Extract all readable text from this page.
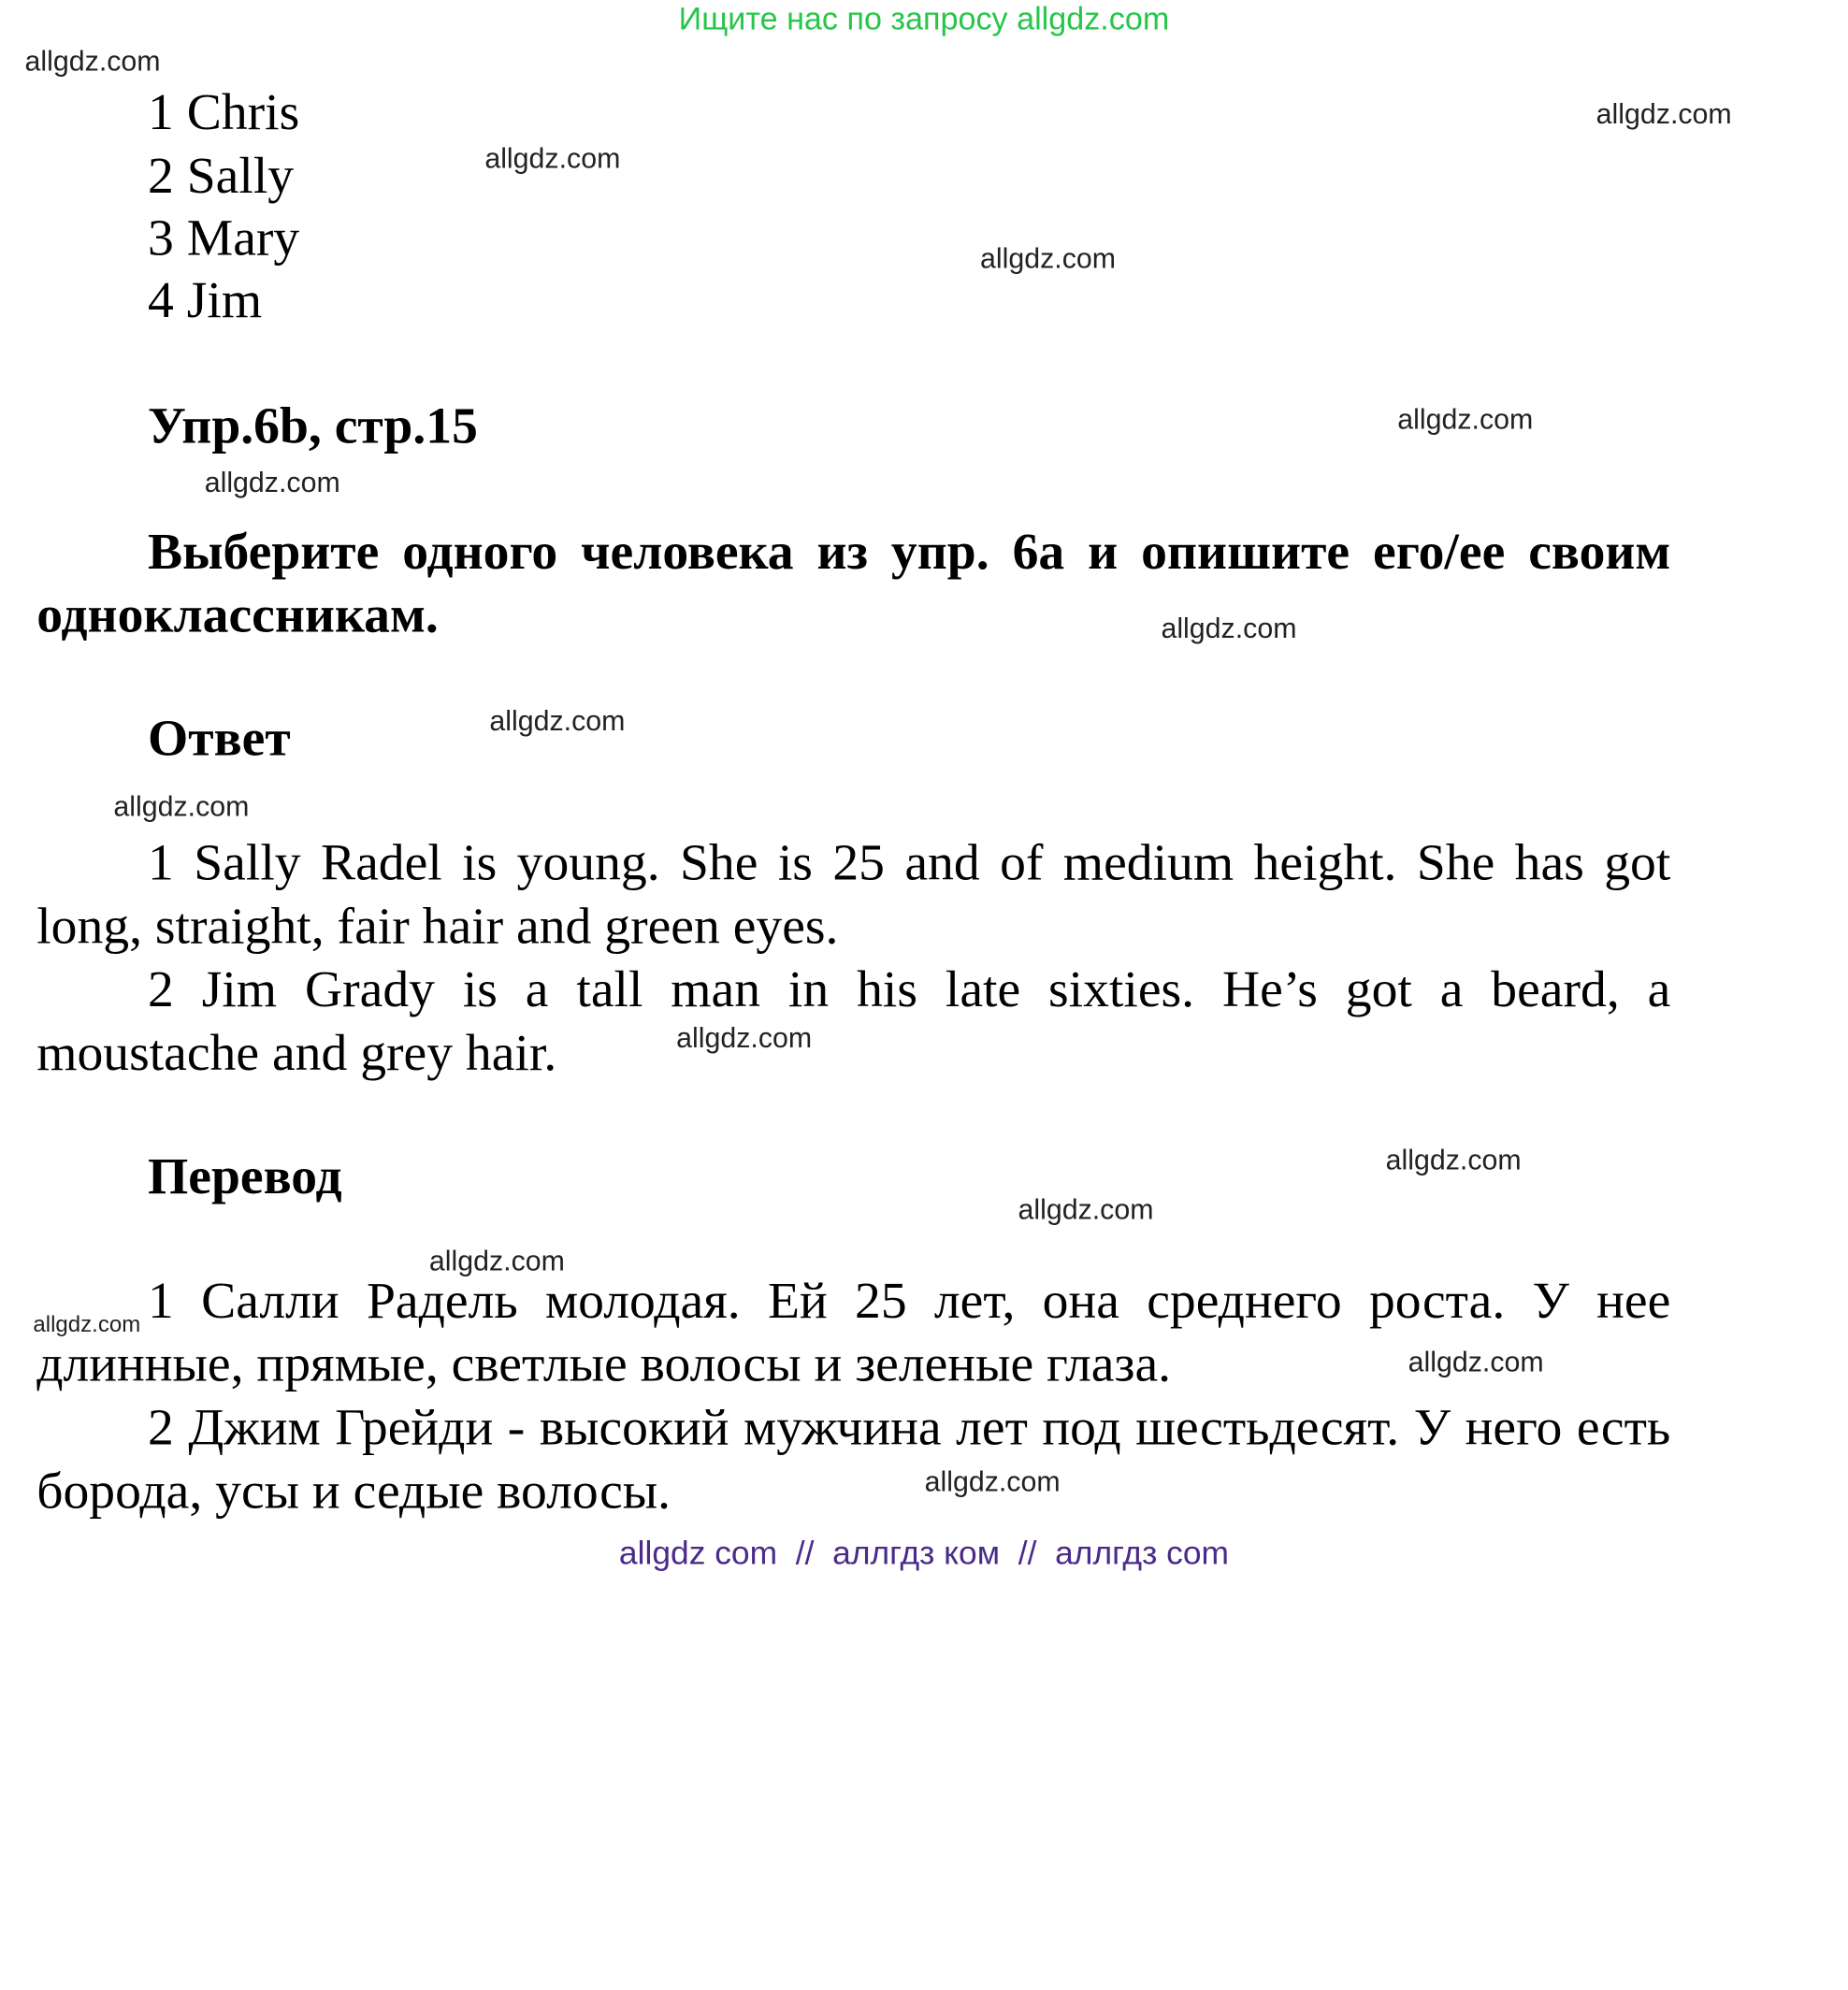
Ищите нас по запросу allgdz.com
1 Chris
2 Sally
3 Mary
4 Jim
Упр.6b, стр.15
Выберите одного человека из упр. 6а и опишите его/ее своим одноклассникам.
Ответ
1 Sally Radel is young. She is 25 and of medium height. She has got long, straight, fair hair and green eyes.
2 Jim Grady is a tall man in his late sixties. He’s got a beard, a moustache and grey hair.
Перевод
1 Салли Радель молодая. Ей 25 лет, она среднего роста. У нее длинные, прямые, светлые волосы и зеленые глаза.
2 Джим Грейди - высокий мужчина лет под шестьдесят. У него есть борода, усы и седые волосы.
allgdz.com
allgdz.com
allgdz.com
allgdz.com
allgdz.com
allgdz.com
allgdz.com
allgdz.com
allgdz.com
allgdz.com
allgdz.com
allgdz.com
allgdz.com
allgdz.com
allgdz.com
allgdz.com
allgdz com // аллгдз ком // аллгдз com
